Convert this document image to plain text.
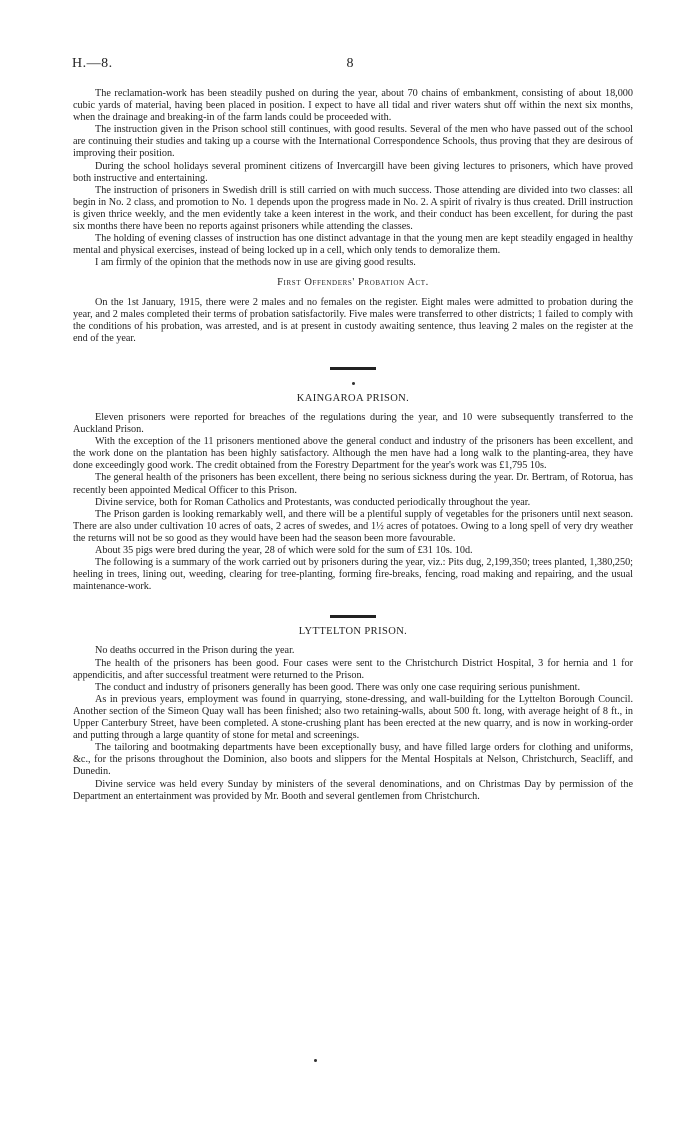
H.—8.	8

The reclamation-work has been steadily pushed on during the year, about 70 chains of embankment, consisting of about 18,000 cubic yards of material, having been placed in position. I expect to have all tidal and river waters shut off within the next six months, when the drainage and breaking-in of the farm lands could be proceeded with.

The instruction given in the Prison school still continues, with good results. Several of the men who have passed out of the school are continuing their studies and taking up a course with the International Correspondence Schools, thus proving that they are desirous of improving their position.

During the school holidays several prominent citizens of Invercargill have been giving lectures to prisoners, which have proved both instructive and entertaining.

The instruction of prisoners in Swedish drill is still carried on with much success. Those attending are divided into two classes: all begin in No. 2 class, and promotion to No. 1 depends upon the progress made in No. 2. A spirit of rivalry is thus created. Drill instruction is given thrice weekly, and the men evidently take a keen interest in the work, and their conduct has been excellent, for during the past six months there have been no reports against prisoners while attending the classes.

The holding of evening classes of instruction has one distinct advantage in that the young men are kept steadily engaged in healthy mental and physical exercises, instead of being locked up in a cell, which only tends to demoralize them.

I am firmly of the opinion that the methods now in use are giving good results.

First Offenders' Probation Act.

On the 1st January, 1915, there were 2 males and no females on the register. Eight males were admitted to probation during the year, and 2 males completed their terms of probation satisfactorily. Five males were transferred to other districts; 1 failed to comply with the conditions of his probation, was arrested, and is at present in custody awaiting sentence, thus leaving 2 males on the register at the end of the year.

KAINGAROA PRISON.

Eleven prisoners were reported for breaches of the regulations during the year, and 10 were subsequently transferred to the Auckland Prison.

With the exception of the 11 prisoners mentioned above the general conduct and industry of the prisoners has been excellent, and the work done on the plantation has been highly satisfactory. Although the men have had a long walk to the planting-area, they have done exceedingly good work. The credit obtained from the Forestry Department for the year's work was £1,795 10s.

The general health of the prisoners has been excellent, there being no serious sickness during the year. Dr. Bertram, of Rotorua, has recently been appointed Medical Officer to this Prison.

Divine service, both for Roman Catholics and Protestants, was conducted periodically throughout the year.

The Prison garden is looking remarkably well, and there will be a plentiful supply of vegetables for the prisoners until next season. There are also under cultivation 10 acres of oats, 2 acres of swedes, and 1½ acres of potatoes. Owing to a long spell of very dry weather the returns will not be so good as they would have been had the season been more favourable.

About 35 pigs were bred during the year, 28 of which were sold for the sum of £31 10s. 10d.

The following is a summary of the work carried out by prisoners during the year, viz.: Pits dug, 2,199,350; trees planted, 1,380,250; heeling in trees, lining out, weeding, clearing for tree-planting, forming fire-breaks, fencing, road making and repairing, and the usual maintenance-work.

LYTTELTON PRISON.

No deaths occurred in the Prison during the year.

The health of the prisoners has been good. Four cases were sent to the Christchurch District Hospital, 3 for hernia and 1 for appendicitis, and after successful treatment were returned to the Prison.

The conduct and industry of prisoners generally has been good. There was only one case requiring serious punishment.

As in previous years, employment was found in quarrying, stone-dressing, and wall-building for the Lyttelton Borough Council. Another section of the Simeon Quay wall has been finished; also two retaining-walls, about 500 ft. long, with average height of 8 ft., in Upper Canterbury Street, have been completed. A stone-crushing plant has been erected at the new quarry, and is now in working-order and putting through a large quantity of stone for metal and screenings.

The tailoring and bootmaking departments have been exceptionally busy, and have filled large orders for clothing and uniforms, &c., for the prisons throughout the Dominion, also boots and slippers for the Mental Hospitals at Nelson, Christchurch, Seacliff, and Dunedin.

Divine service was held every Sunday by ministers of the several denominations, and on Christmas Day by permission of the Department an entertainment was provided by Mr. Booth and several gentlemen from Christchurch.
